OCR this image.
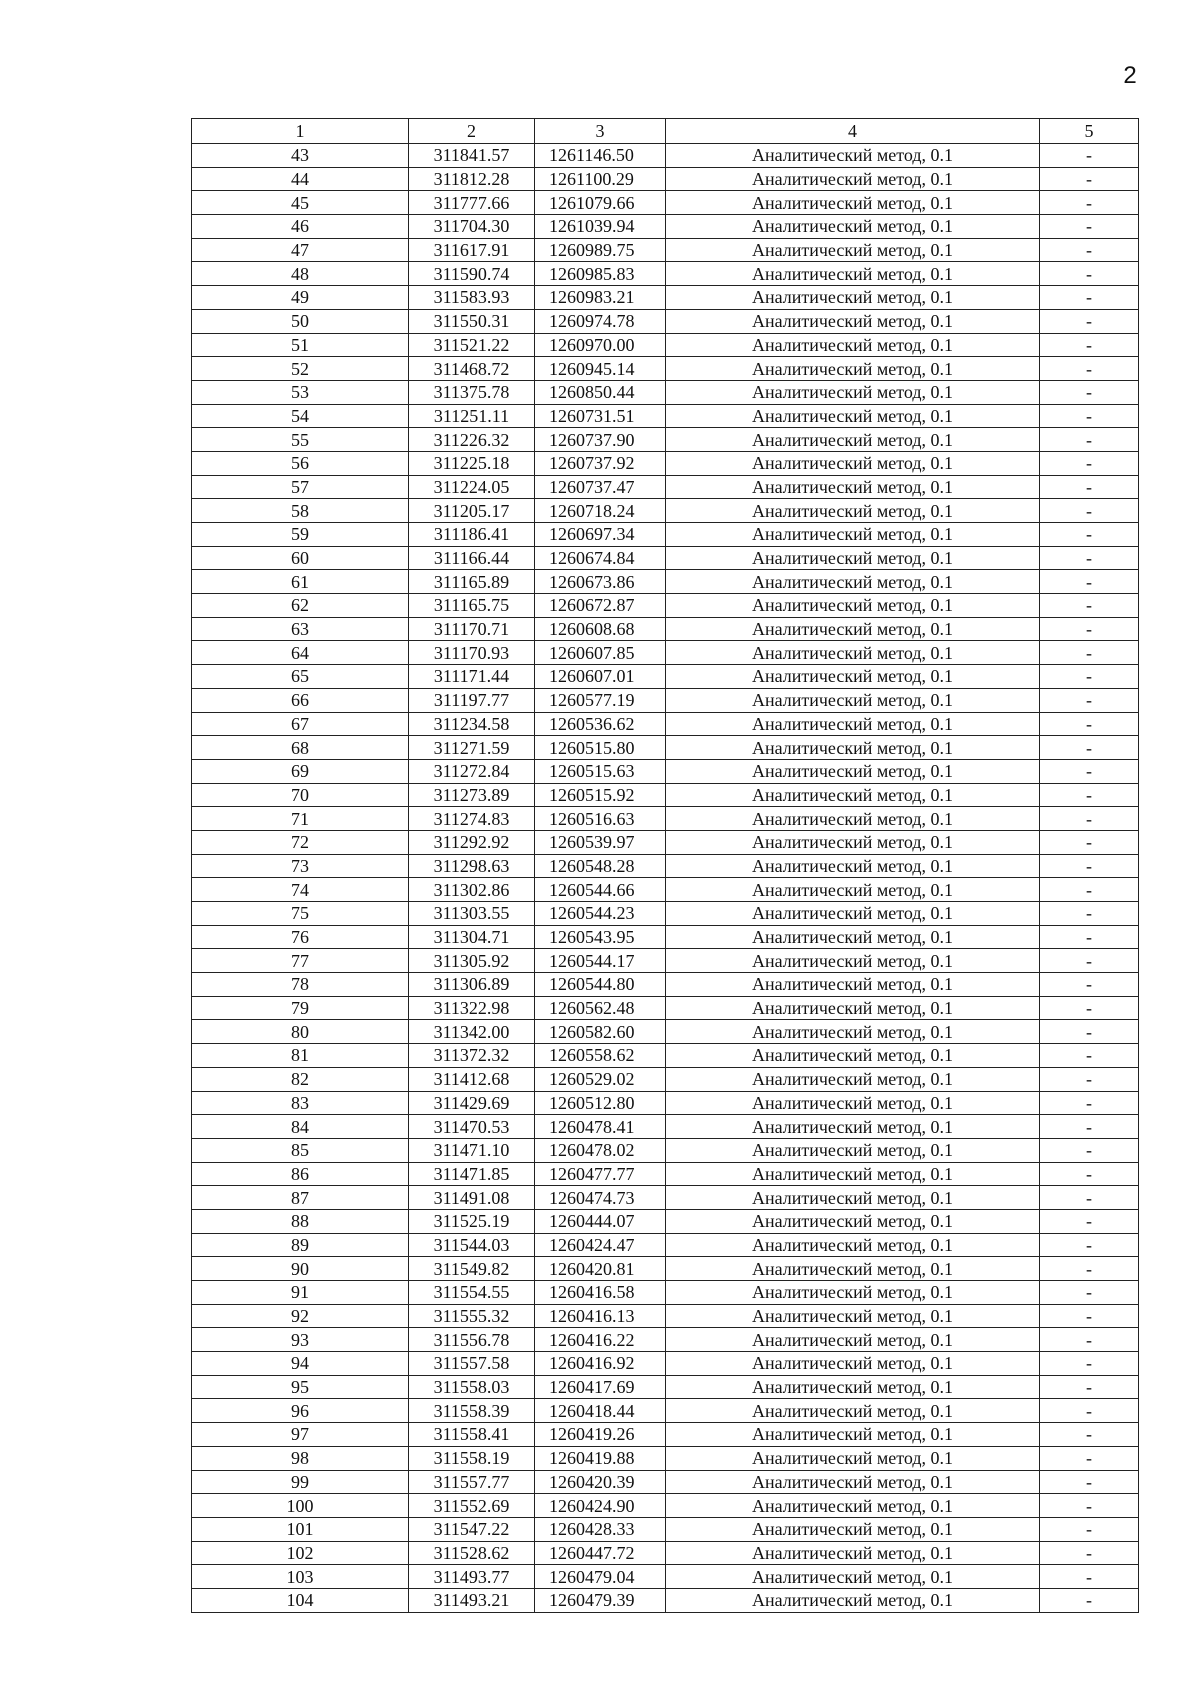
2
1	2	3	4	5
43	311841.57	1261146.50	Аналитический метод, 0.1	-
44	311812.28	1261100.29	Аналитический метод, 0.1	-
45	311777.66	1261079.66	Аналитический метод, 0.1	-
46	311704.30	1261039.94	Аналитический метод, 0.1	-
47	311617.91	1260989.75	Аналитический метод, 0.1	-
48	311590.74	1260985.83	Аналитический метод, 0.1	-
49	311583.93	1260983.21	Аналитический метод, 0.1	-
50	311550.31	1260974.78	Аналитический метод, 0.1	-
51	311521.22	1260970.00	Аналитический метод, 0.1	-
52	311468.72	1260945.14	Аналитический метод, 0.1	-
53	311375.78	1260850.44	Аналитический метод, 0.1	-
54	311251.11	1260731.51	Аналитический метод, 0.1	-
55	311226.32	1260737.90	Аналитический метод, 0.1	-
56	311225.18	1260737.92	Аналитический метод, 0.1	-
57	311224.05	1260737.47	Аналитический метод, 0.1	-
58	311205.17	1260718.24	Аналитический метод, 0.1	-
59	311186.41	1260697.34	Аналитический метод, 0.1	-
60	311166.44	1260674.84	Аналитический метод, 0.1	-
61	311165.89	1260673.86	Аналитический метод, 0.1	-
62	311165.75	1260672.87	Аналитический метод, 0.1	-
63	311170.71	1260608.68	Аналитический метод, 0.1	-
64	311170.93	1260607.85	Аналитический метод, 0.1	-
65	311171.44	1260607.01	Аналитический метод, 0.1	-
66	311197.77	1260577.19	Аналитический метод, 0.1	-
67	311234.58	1260536.62	Аналитический метод, 0.1	-
68	311271.59	1260515.80	Аналитический метод, 0.1	-
69	311272.84	1260515.63	Аналитический метод, 0.1	-
70	311273.89	1260515.92	Аналитический метод, 0.1	-
71	311274.83	1260516.63	Аналитический метод, 0.1	-
72	311292.92	1260539.97	Аналитический метод, 0.1	-
73	311298.63	1260548.28	Аналитический метод, 0.1	-
74	311302.86	1260544.66	Аналитический метод, 0.1	-
75	311303.55	1260544.23	Аналитический метод, 0.1	-
76	311304.71	1260543.95	Аналитический метод, 0.1	-
77	311305.92	1260544.17	Аналитический метод, 0.1	-
78	311306.89	1260544.80	Аналитический метод, 0.1	-
79	311322.98	1260562.48	Аналитический метод, 0.1	-
80	311342.00	1260582.60	Аналитический метод, 0.1	-
81	311372.32	1260558.62	Аналитический метод, 0.1	-
82	311412.68	1260529.02	Аналитический метод, 0.1	-
83	311429.69	1260512.80	Аналитический метод, 0.1	-
84	311470.53	1260478.41	Аналитический метод, 0.1	-
85	311471.10	1260478.02	Аналитический метод, 0.1	-
86	311471.85	1260477.77	Аналитический метод, 0.1	-
87	311491.08	1260474.73	Аналитический метод, 0.1	-
88	311525.19	1260444.07	Аналитический метод, 0.1	-
89	311544.03	1260424.47	Аналитический метод, 0.1	-
90	311549.82	1260420.81	Аналитический метод, 0.1	-
91	311554.55	1260416.58	Аналитический метод, 0.1	-
92	311555.32	1260416.13	Аналитический метод, 0.1	-
93	311556.78	1260416.22	Аналитический метод, 0.1	-
94	311557.58	1260416.92	Аналитический метод, 0.1	-
95	311558.03	1260417.69	Аналитический метод, 0.1	-
96	311558.39	1260418.44	Аналитический метод, 0.1	-
97	311558.41	1260419.26	Аналитический метод, 0.1	-
98	311558.19	1260419.88	Аналитический метод, 0.1	-
99	311557.77	1260420.39	Аналитический метод, 0.1	-
100	311552.69	1260424.90	Аналитический метод, 0.1	-
101	311547.22	1260428.33	Аналитический метод, 0.1	-
102	311528.62	1260447.72	Аналитический метод, 0.1	-
103	311493.77	1260479.04	Аналитический метод, 0.1	-
104	311493.21	1260479.39	Аналитический метод, 0.1	-
